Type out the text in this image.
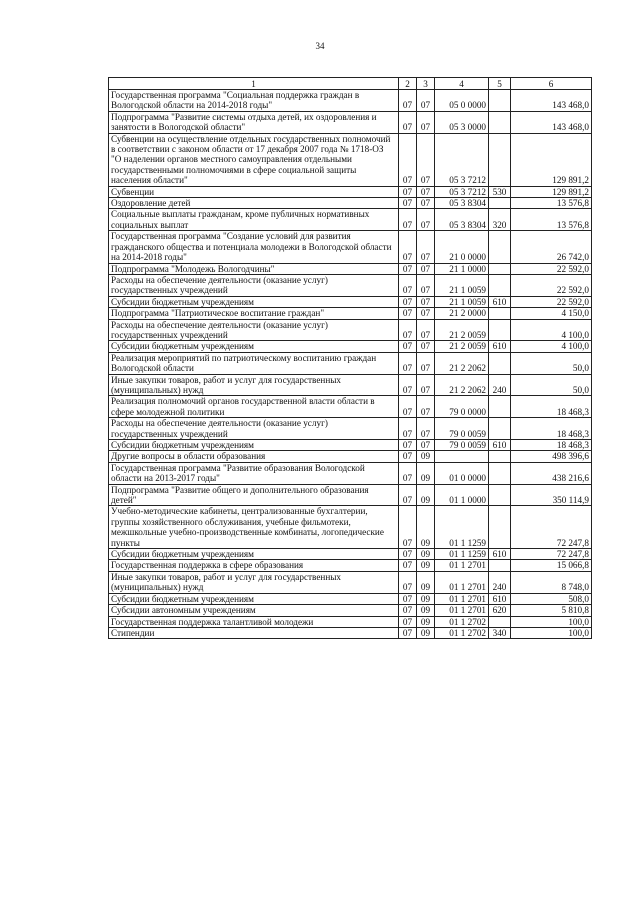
34
1	2	3	4	5	6
Государственная программа "Социальная поддержка граждан в Вологодской области на 2014-2018 годы"	07	07	05 0 0000		143 468,0
Подпрограмма "Развитие системы отдыха детей, их оздоровления и занятости в Вологодской области"	07	07	05 3 0000		143 468,0
Субвенции на осуществление отдельных государственных полномочий в соответствии с законом области от 17 декабря 2007 года № 1718-ОЗ "О наделении органов местного самоуправления отдельными государственными полномочиями в сфере социальной защиты населения области"	07	07	05 3 7212		129 891,2
Субвенции	07	07	05 3 7212	530	129 891,2
Оздоровление детей	07	07	05 3 8304		13 576,8
Социальные выплаты гражданам, кроме публичных нормативных социальных выплат	07	07	05 3 8304	320	13 576,8
Государственная программа "Создание условий для развития гражданского общества и потенциала молодежи в Вологодской области на 2014-2018 годы"	07	07	21 0 0000		26 742,0
Подпрограмма "Молодежь Вологодчины"	07	07	21 1 0000		22 592,0
Расходы на обеспечение деятельности (оказание услуг) государственных учреждений	07	07	21 1 0059		22 592,0
Субсидии бюджетным учреждениям	07	07	21 1 0059	610	22 592,0
Подпрограмма "Патриотическое воспитание граждан"	07	07	21 2 0000		4 150,0
Расходы на обеспечение деятельности (оказание услуг) государственных учреждений	07	07	21 2 0059		4 100,0
Субсидии бюджетным учреждениям	07	07	21 2 0059	610	4 100,0
Реализация мероприятий по патриотическому воспитанию граждан Вологодской области	07	07	21 2 2062		50,0
Иные закупки товаров, работ и услуг для государственных (муниципальных) нужд	07	07	21 2 2062	240	50,0
Реализация полномочий органов государственной власти области в сфере молодежной политики	07	07	79 0 0000		18 468,3
Расходы на обеспечение деятельности (оказание услуг) государственных учреждений	07	07	79 0 0059		18 468,3
Субсидии бюджетным учреждениям	07	07	79 0 0059	610	18 468,3
Другие вопросы в области образования	07	09			498 396,6
Государственная программа "Развитие образования Вологодской области на 2013-2017 годы"	07	09	01 0 0000		438 216,6
Подпрограмма "Развитие общего и дополнительного образования детей"	07	09	01 1 0000		350 114,9
Учебно-методические кабинеты, централизованные бухгалтерии, группы хозяйственного обслуживания, учебные фильмотеки, межшкольные учебно-производственные комбинаты, логопедические пункты	07	09	01 1 1259		72 247,8
Субсидии бюджетным учреждениям	07	09	01 1 1259	610	72 247,8
Государственная поддержка в сфере образования	07	09	01 1 2701		15 066,8
Иные закупки товаров, работ и услуг для государственных (муниципальных) нужд	07	09	01 1 2701	240	8 748,0
Субсидии бюджетным учреждениям	07	09	01 1 2701	610	508,0
Субсидии автономным учреждениям	07	09	01 1 2701	620	5 810,8
Государственная поддержка талантливой молодежи	07	09	01 1 2702		100,0
Стипендии	07	09	01 1 2702	340	100,0
